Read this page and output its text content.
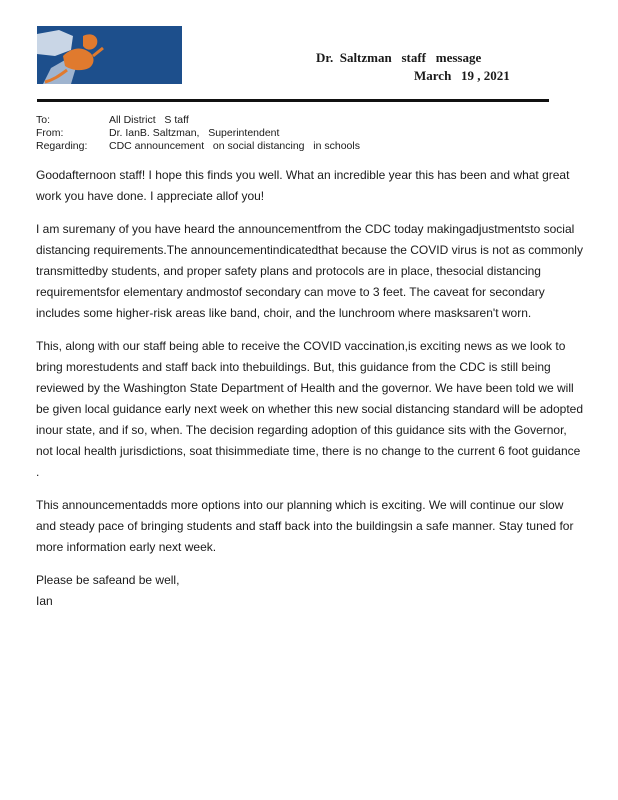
Dr.  Saltzman   staff   message
March   19 , 2021
To:	All District   S taff
From:	Dr. IanB. Saltzman,   Superintendent
Regarding:	CDC announcement   on social distancing   in schools

Goodafternoon staff! I hope this finds you well. What an incredible year this has been and what great work you have done. I appreciate allof you!

I am suremany of you have heard the announcementfrom the CDC today makingadjustmentsto social distancing requirements.The announcementindicatedthat because the COVID virus is not as commonly transmittedby students, and proper safety plans and protocols are in place, thesocial distancing requirementsfor elementary andmostof secondary can move to 3 feet. The caveat for secondary includes some higher-risk areas like band, choir, and the lunchroom where masksaren't worn.

This, along with our staff being able to receive the COVID vaccination,is exciting news as we look to bring morestudents and staff back into thebuildings. But, this guidance from the CDC is still being reviewed by the Washington State Department of Health and the governor. We have been told we will be given local guidance early next week on whether this new social distancing standard will be adopted inour state, and if so, when. The decision regarding adoption of this guidance sits with the Governor, not local health jurisdictions, soat thisimmediate time, there is no change to the current 6 foot guidance .

This announcementadds more options into our planning which is exciting. We will continue our slow and steady pace of bringing students and staff back into the buildingsin a safe manner. Stay tuned for more information early next week.

Please be safeand be well,

Ian
